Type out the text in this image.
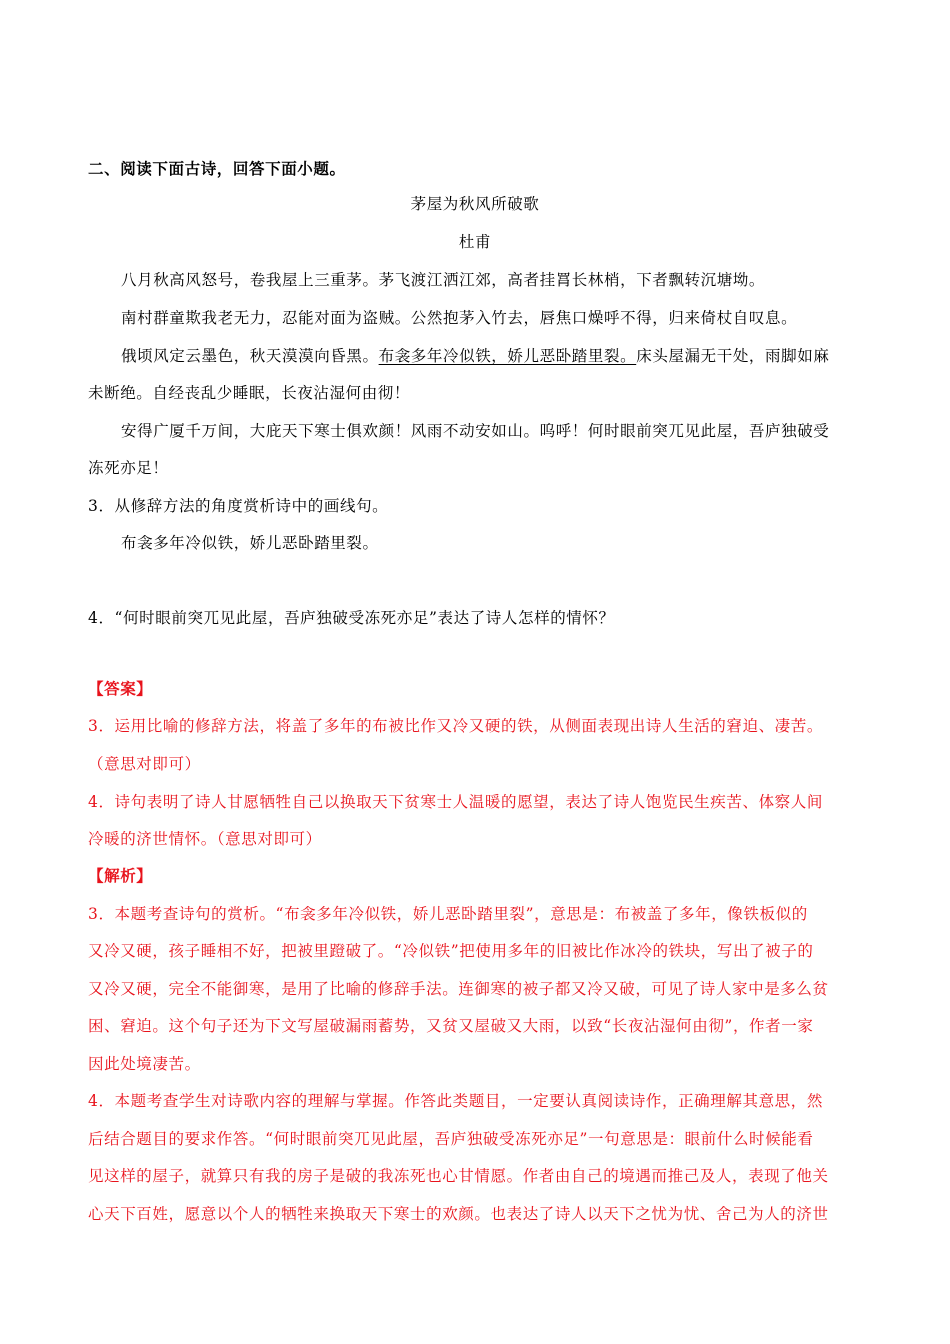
二、阅读下面古诗，回答下面小题。
茅屋为秋风所破歌
杜甫
八月秋高风怒号，卷我屋上三重茅。茅飞渡江洒江郊，高者挂罥长林梢，下者飘转沉塘坳。
南村群童欺我老无力，忍能对面为盗贼。公然抱茅入竹去，唇焦口燥呼不得，归来倚杖自叹息。
俄顷风定云墨色，秋天漠漠向昏黑。布衾多年冷似铁，娇儿恶卧踏里裂。床头屋漏无干处，雨脚如麻
未断绝。自经丧乱少睡眠，长夜沾湿何由彻！
安得广厦千万间，大庇天下寒士俱欢颜！风雨不动安如山。呜呼！何时眼前突兀见此屋，吾庐独破受
冻死亦足！
3．从修辞方法的角度赏析诗中的画线句。
布衾多年冷似铁，娇儿恶卧踏里裂。
4．“何时眼前突兀见此屋，吾庐独破受冻死亦足”表达了诗人怎样的情怀？
【答案】
3．运用比喻的修辞方法，将盖了多年的布被比作又冷又硬的铁，从侧面表现出诗人生活的窘迫、凄苦。
（意思对即可）
4．诗句表明了诗人甘愿牺牲自己以换取天下贫寒士人温暖的愿望，表达了诗人饱览民生疾苦、体察人间
冷暖的济世情怀。（意思对即可）
【解析】
3．本题考查诗句的赏析。“布衾多年冷似铁，娇儿恶卧踏里裂”，意思是：布被盖了多年，像铁板似的
又冷又硬，孩子睡相不好，把被里蹬破了。“冷似铁”把使用多年的旧被比作冰冷的铁块，写出了被子的
又冷又硬，完全不能御寒，是用了比喻的修辞手法。连御寒的被子都又冷又破，可见了诗人家中是多么贫
困、窘迫。这个句子还为下文写屋破漏雨蓄势，又贫又屋破又大雨，以致“长夜沾湿何由彻”，作者一家
因此处境凄苦。
4．本题考查学生对诗歌内容的理解与掌握。作答此类题目，一定要认真阅读诗作，正确理解其意思，然
后结合题目的要求作答。“何时眼前突兀见此屋，吾庐独破受冻死亦足”一句意思是：眼前什么时候能看
见这样的屋子，就算只有我的房子是破的我冻死也心甘情愿。作者由自己的境遇而推己及人，表现了他关
心天下百姓，愿意以个人的牺牲来换取天下寒士的欢颜。也表达了诗人以天下之忧为忧、舍己为人的济世
